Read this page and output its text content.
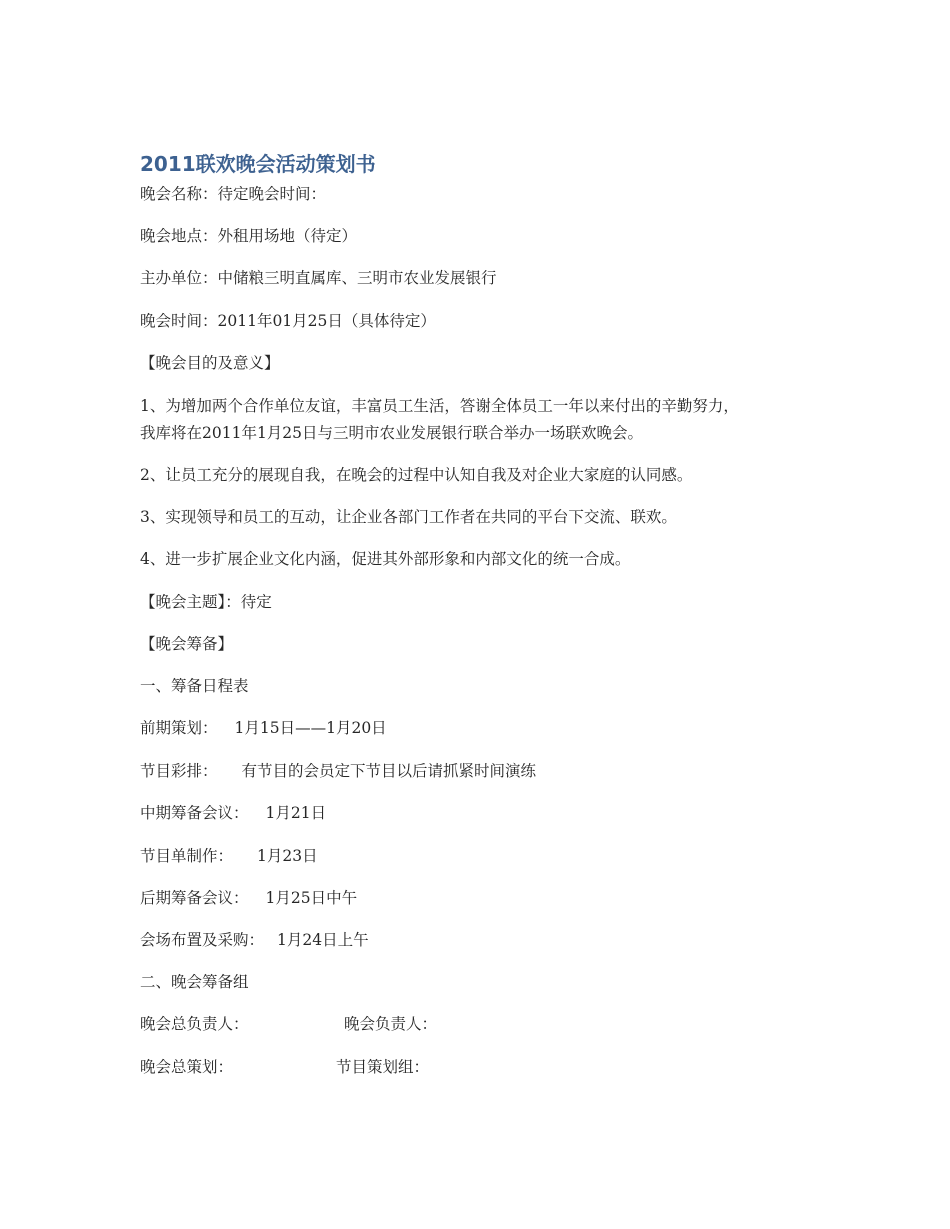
2011联欢晚会活动策划书
晚会名称：待定晚会时间：
晚会地点：外租用场地（待定）
主办单位：中储粮三明直属库、三明市农业发展银行
晚会时间：2011年01月25日（具体待定）
【晚会目的及意义】
1、为增加两个合作单位友谊，丰富员工生活，答谢全体员工一年以来付出的辛勤努力，
我库将在2011年1月25日与三明市农业发展银行联合举办一场联欢晚会。
2、让员工充分的展现自我，在晚会的过程中认知自我及对企业大家庭的认同感。
3、实现领导和员工的互动，让企业各部门工作者在共同的平台下交流、联欢。
4、进一步扩展企业文化内涵，促进其外部形象和内部文化的统一合成。
【晚会主题】：待定
【晚会筹备】
一、筹备日程表
前期策划： 1月15日——1月20日
节目彩排： 有节目的会员定下节目以后请抓紧时间演练
中期筹备会议： 1月21日
节目单制作： 1月23日
后期筹备会议： 1月25日中午
会场布置及采购： 1月24日上午
二、晚会筹备组
晚会总负责人：	晚会负责人：
晚会总策划：	节目策划组：
